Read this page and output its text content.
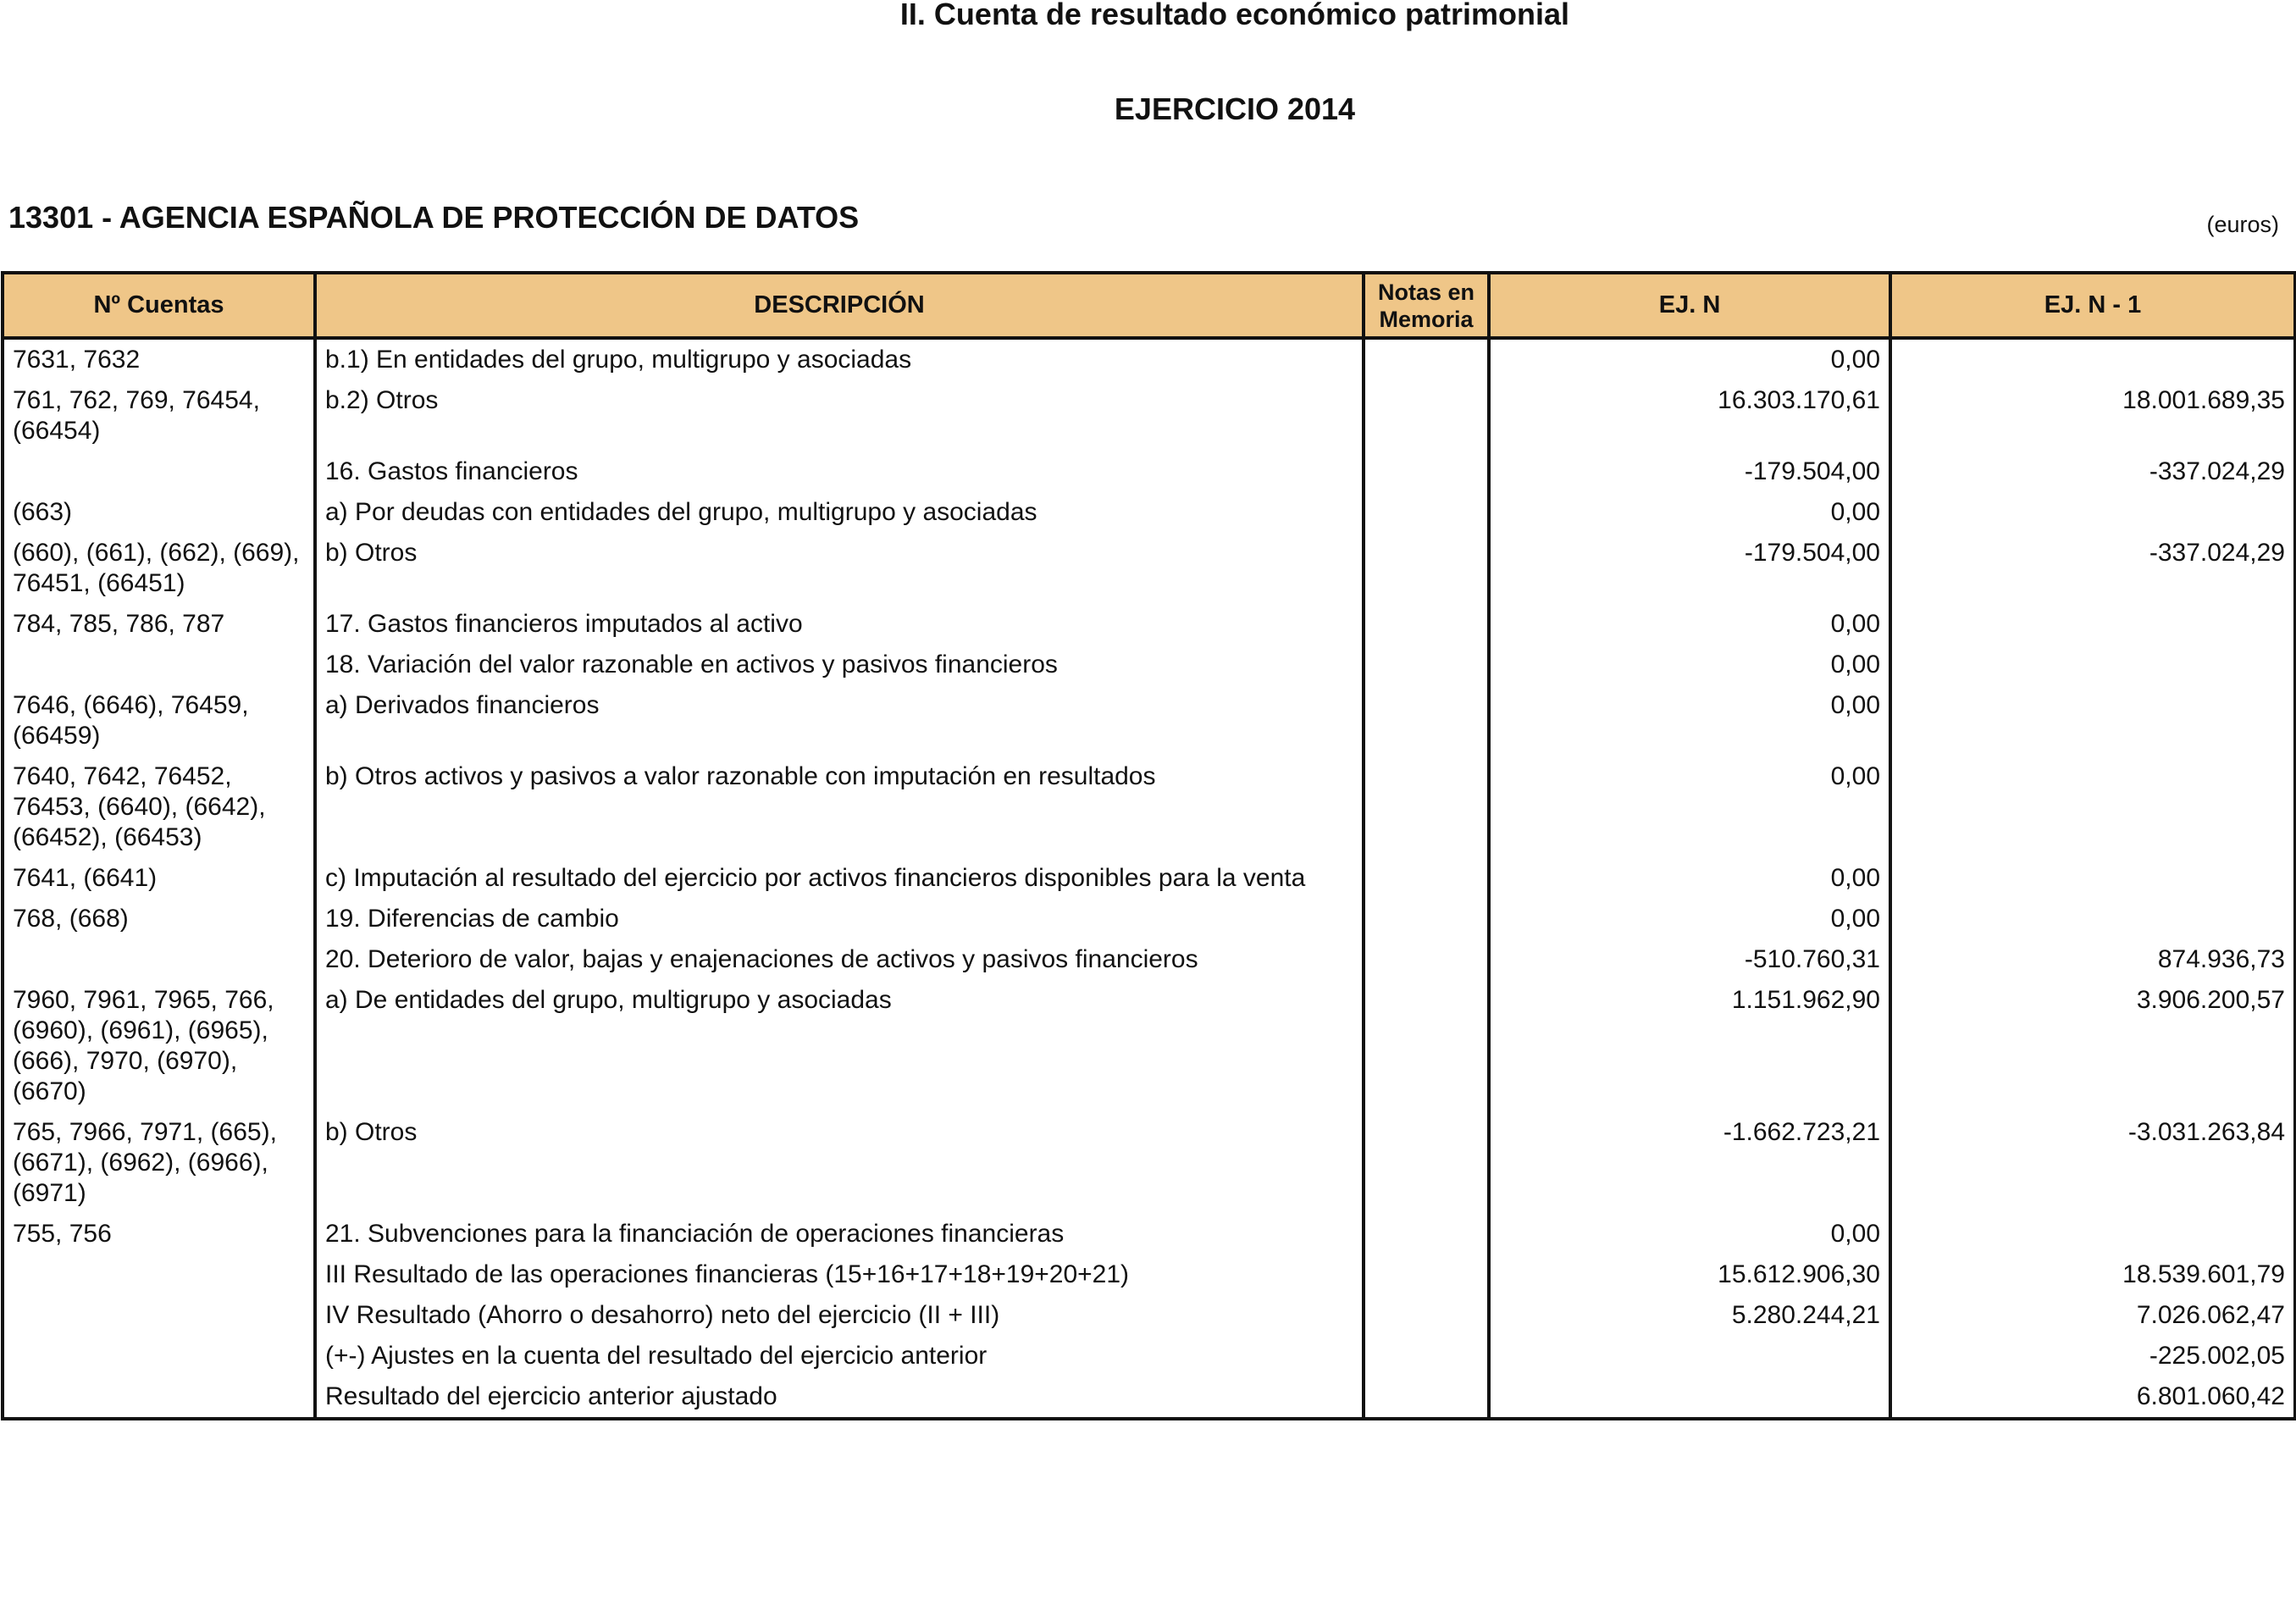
II. Cuenta de resultado económico patrimonial
EJERCICIO 2014
13301 - AGENCIA ESPAÑOLA DE PROTECCIÓN DE DATOS	(euros)
Nº Cuentas	DESCRIPCIÓN	Notas en Memoria	EJ. N	EJ. N - 1
7631, 7632	b.1) En entidades del grupo, multigrupo y asociadas		0,00	
761, 762, 769, 76454, (66454)	b.2) Otros		16.303.170,61	18.001.689,35
	16. Gastos financieros		-179.504,00	-337.024,29
(663)	a) Por deudas con entidades del grupo, multigrupo y asociadas		0,00	
(660), (661), (662), (669), 76451, (66451)	b) Otros		-179.504,00	-337.024,29
784, 785, 786, 787	17. Gastos financieros imputados al activo		0,00	
	18. Variación del valor razonable en activos y pasivos financieros		0,00	
7646, (6646), 76459, (66459)	a) Derivados financieros		0,00	
7640, 7642, 76452, 76453, (6640), (6642), (66452), (66453)	b) Otros activos y pasivos a valor razonable con imputación en resultados		0,00	
7641, (6641)	c) Imputación al resultado del ejercicio por activos financieros disponibles para la venta		0,00	
768, (668)	19. Diferencias de cambio		0,00	
	20. Deterioro de valor, bajas y enajenaciones de activos y pasivos financieros		-510.760,31	874.936,73
7960, 7961, 7965, 766, (6960), (6961), (6965), (666), 7970, (6970), (6670)	a) De entidades del grupo, multigrupo y asociadas		1.151.962,90	3.906.200,57
765, 7966, 7971, (665), (6671), (6962), (6966), (6971)	b) Otros		-1.662.723,21	-3.031.263,84
755, 756	21. Subvenciones para la financiación de operaciones financieras		0,00	
	III Resultado de las operaciones financieras (15+16+17+18+19+20+21)		15.612.906,30	18.539.601,79
	IV Resultado (Ahorro o desahorro) neto del ejercicio (II + III)		5.280.244,21	7.026.062,47
	(+-) Ajustes en la cuenta del resultado del ejercicio anterior			-225.002,05
	Resultado del ejercicio anterior ajustado			6.801.060,42
